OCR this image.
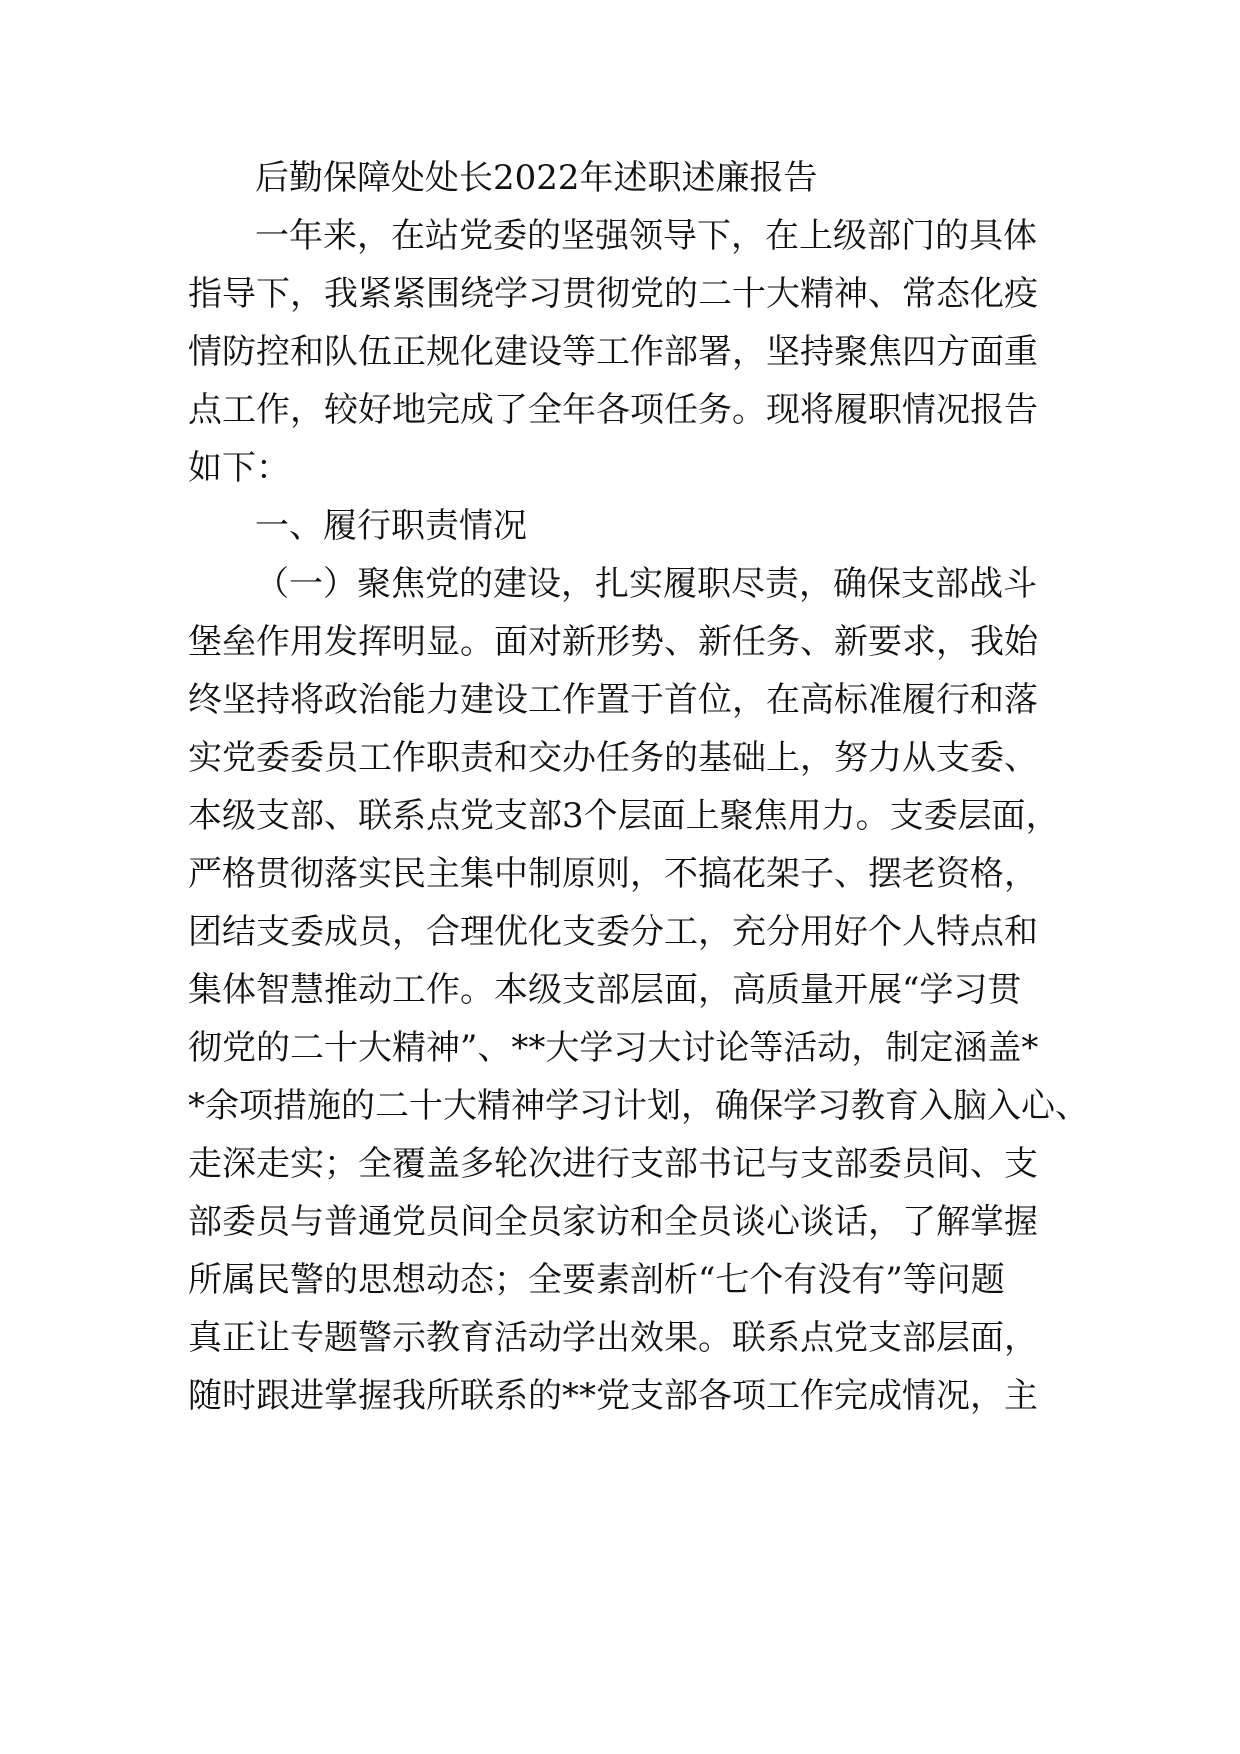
后勤保障处处长2022年述职述廉报告
一年来，在站党委的坚强领导下，在上级部门的具体
指导下，我紧紧围绕学习贯彻党的二十大精神、常态化疫
情防控和队伍正规化建设等工作部署，坚持聚焦四方面重
点工作，较好地完成了全年各项任务。现将履职情况报告
如下：
一、履行职责情况
（一）聚焦党的建设，扎实履职尽责，确保支部战斗
堡垒作用发挥明显。面对新形势、新任务、新要求，我始
终坚持将政治能力建设工作置于首位，在高标准履行和落
实党委委员工作职责和交办任务的基础上，努力从支委、
本级支部、联系点党支部3个层面上聚焦用力。支委层面，
严格贯彻落实民主集中制原则，不搞花架子、摆老资格，
团结支委成员，合理优化支委分工，充分用好个人特点和
集体智慧推动工作。本级支部层面，高质量开展“学习贯
彻党的二十大精神”、**大学习大讨论等活动，制定涵盖*
*余项措施的二十大精神学习计划，确保学习教育入脑入心、
走深走实；全覆盖多轮次进行支部书记与支部委员间、支
部委员与普通党员间全员家访和全员谈心谈话，了解掌握
所属民警的思想动态；全要素剖析“七个有没有”等问题
真正让专题警示教育活动学出效果。联系点党支部层面，
随时跟进掌握我所联系的**党支部各项工作完成情况，主
